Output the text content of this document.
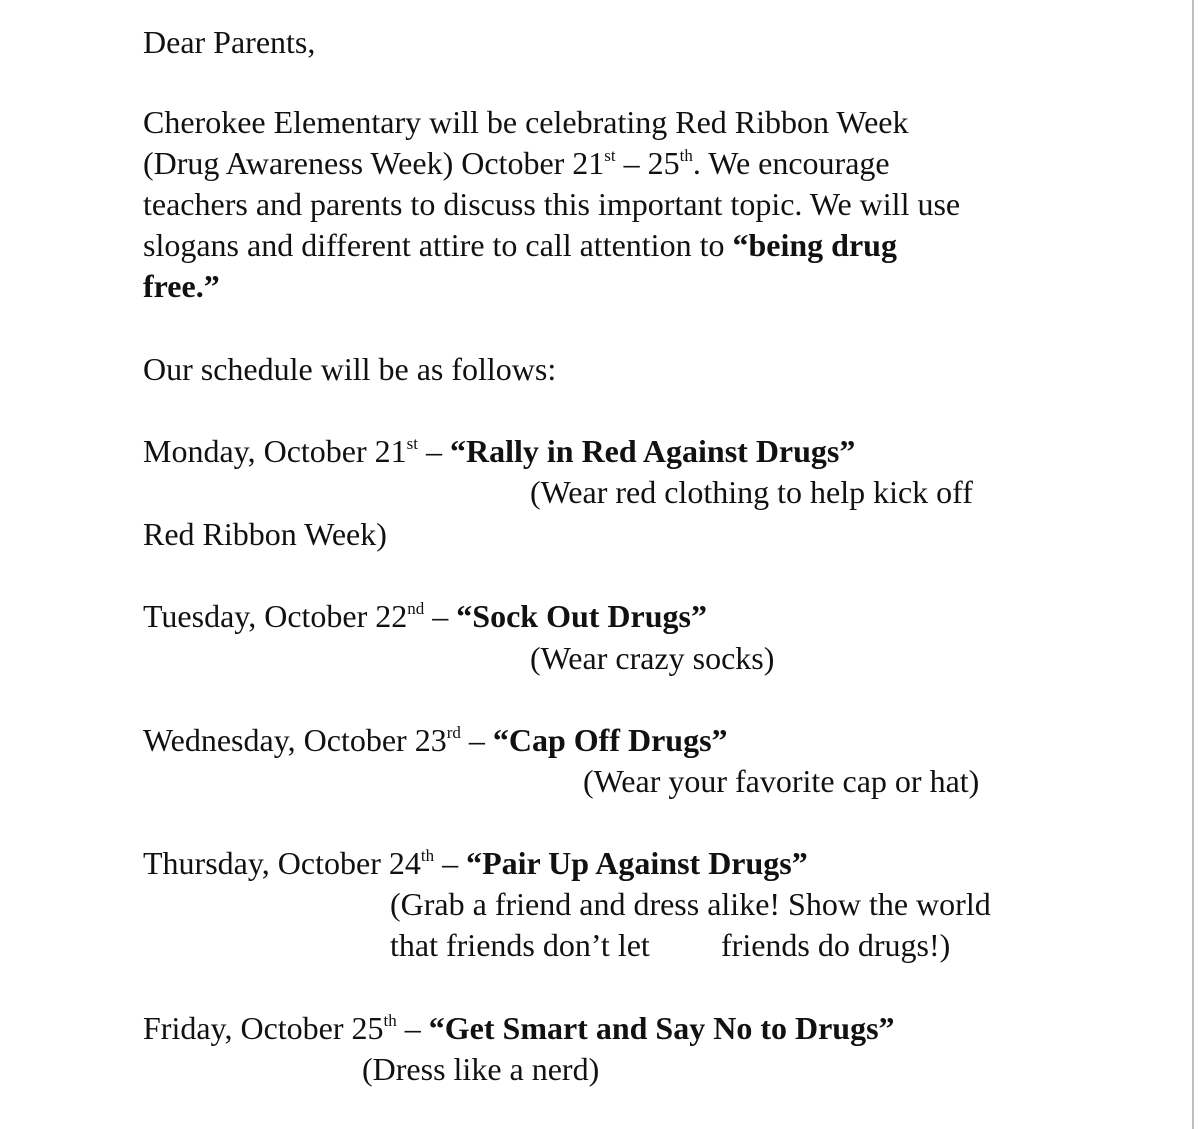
Dear Parents,

Cherokee Elementary will be celebrating Red Ribbon Week

(Drug Awareness Week) October 21st – 25th. We encourage

teachers and parents to discuss this important topic. We will use

slogans and different attire to call attention to “being drug

free.”

Our schedule will be as follows:

Monday, October 21st – “Rally in Red Against Drugs”

(Wear red clothing to help kick off

Red Ribbon Week)

Tuesday, October 22nd – “Sock Out Drugs”

(Wear crazy socks)

Wednesday, October 23rd – “Cap Off Drugs”

(Wear your favorite cap or hat)

Thursday, October 24th – “Pair Up Against Drugs”

(Grab a friend and dress alike! Show the world

that friends don’t let friends do drugs!)

Friday, October 25th – “Get Smart and Say No to Drugs”

(Dress like a nerd)
